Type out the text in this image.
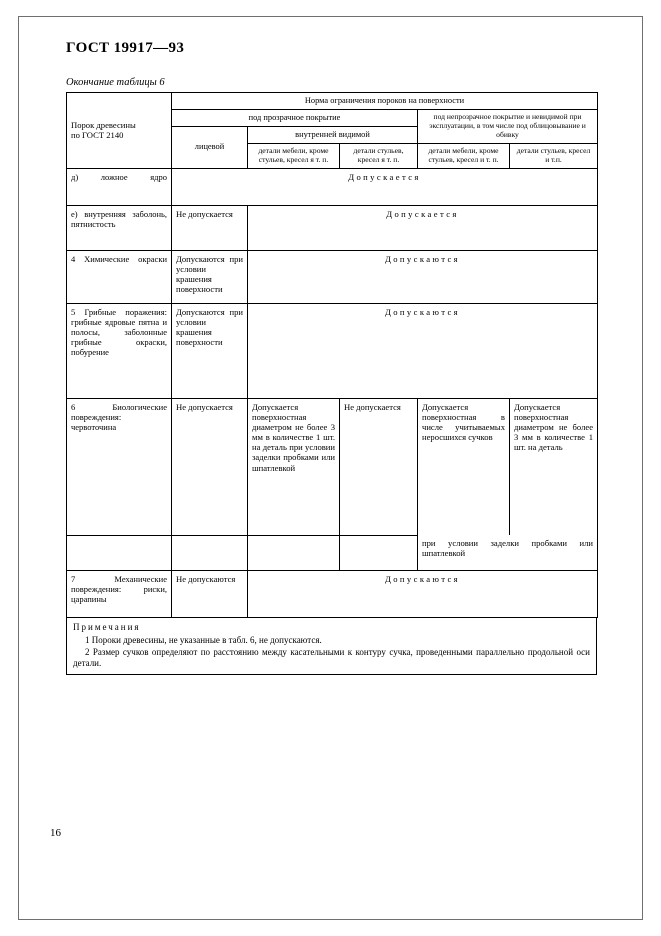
ГОСТ 19917—93
Окончание таблицы 6
Порок древесины
по ГОСТ 2140	Норма ограничения пороков на поверхности				
	под прозрачное покрытие			под непрозрачное покрытие и невидимой при эксплуатации, в том числе под облицовывание и обивку	
	лицевой	внутренней видимой			
		детали мебели, кроме стульев, кресел я т. п.	детали стульев, кресел я т. п.	детали мебели, кроме стульев, кресел и т. п.	детали стульев, кресел и т.п.

д) ложное ядро	Допускается				

е) внутренняя заболонь, пятнистость	Не допускается	Допускается			

4 Химические окраски	Допускаются при условии крашения поверхности	Допускаются			

5 Грибные поражения: грибные ядровые пятна и полосы, заболонные грибные окраски, побурение	Допускаются при условии крашения поверхности	Допускаются			

6 Биологические повреждения: червоточина	Не допускается	Допускается поверхностная диаметром не более 3 мм в количестве 1 шт. на деталь при условии заделки пробками или шпатлевкой	Не допускается	Допускается поверхностная в числе учитываемых неросшихся сучков	Допускается поверхностная диаметром не более 3 мм в количестве 1 шт. на деталь
				при условии заделки пробками или шпатлевкой	

7 Механические повреждения: риски, царапины	Не допускаются	Допускаются			
Примечания

1 Пороки древесины, не указанные в табл. 6, не допускаются.

2 Размер сучков определяют по расстоянию между касательными к контуру сучка, проведенными параллельно продольной оси детали.

16
